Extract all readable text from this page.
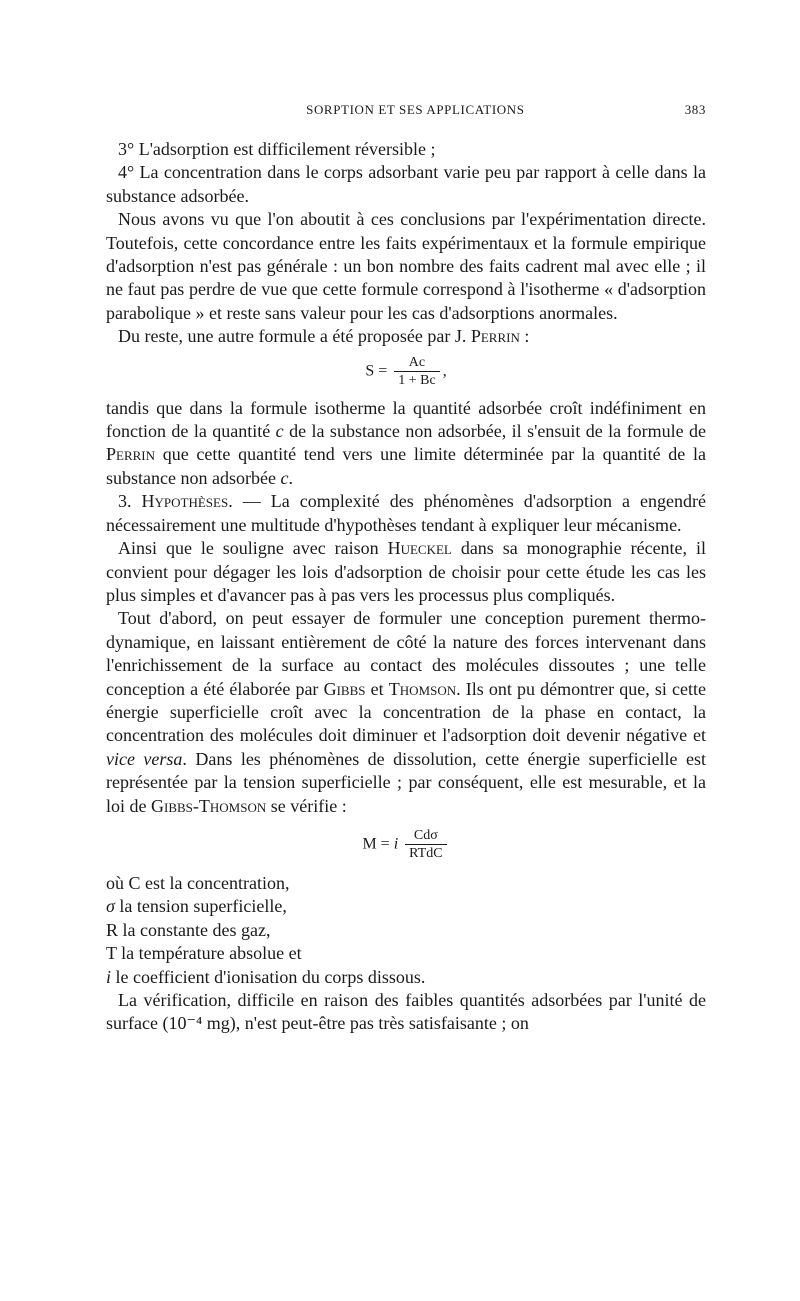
SORPTION ET SES APPLICATIONS	383

3° L'adsorption est difficilement réversible ;

4° La concentration dans le corps adsorbant varie peu par rapport à celle dans la substance adsorbée.

Nous avons vu que l'on aboutit à ces conclusions par l'expérimentation directe. Toutefois, cette concordance entre les faits expérimentaux et la formule empirique d'adsorption n'est pas générale : un bon nombre des faits cadrent mal avec elle ; il ne faut pas perdre de vue que cette formule correspond à l'isotherme « d'adsorption parabolique » et reste sans valeur pour les cas d'adsorptions anormales.

Du reste, une autre formule a été proposée par J. Perrin :

$S = \frac{Ac}{1 + Bc}$ ,

tandis que dans la formule isotherme la quantité adsorbée croît indéfiniment en fonction de la quantité c de la substance non adsorbée, il s'ensuit de la formule de Perrin que cette quantité tend vers une limite déterminée par la quantité de la substance non adsorbée c.

3. Hypothèses. — La complexité des phénomènes d'adsorption a engendré nécessairement une multitude d'hypothèses tendant à expliquer leur mécanisme.

Ainsi que le souligne avec raison Hueckel dans sa monographie récente, il convient pour dégager les lois d'adsorption de choisir pour cette étude les cas les plus simples et d'avancer pas à pas vers les processus plus compliqués.

Tout d'abord, on peut essayer de formuler une conception purement thermo-dynamique, en laissant entièrement de côté la nature des forces intervenant dans l'enrichissement de la surface au contact des molécules dissoutes ; une telle conception a été élaborée par Gibbs et Thomson. Ils ont pu démontrer que, si cette énergie superficielle croît avec la concentration de la phase en contact, la concentration des molécules doit diminuer et l'adsorption doit devenir négative et vice versa. Dans les phénomènes de dissolution, cette énergie superficielle est représentée par la tension superficielle ; par conséquent, elle est mesurable, et la loi de Gibbs-Thomson se vérifie :

M = i $\frac{\text{Cdσ}}{\text{RTdC}}$

où C est la concentration,

σ la tension superficielle,

R la constante des gaz,

T la température absolue et

i le coefficient d'ionisation du corps dissous.

La vérification, difficile en raison des faibles quantités adsorbées par l'unité de surface (10⁻⁴ mg), n'est peut-être pas très satisfaisante ; on
